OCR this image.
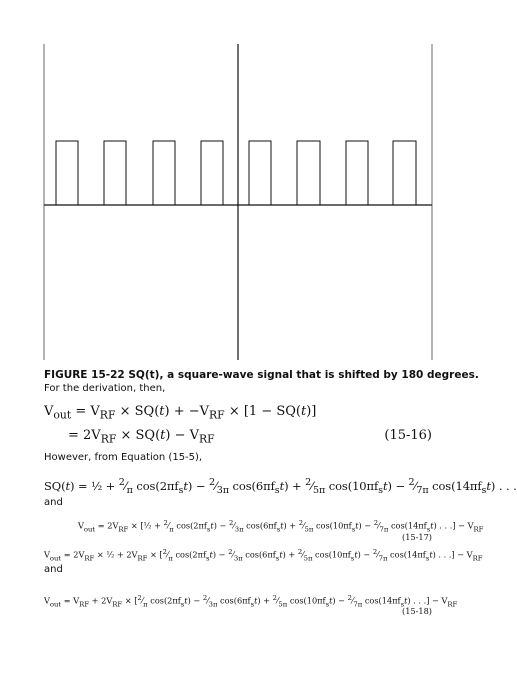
FIGURE 15-22 SQ(t), a square-wave signal that is shifted by 180 degrees.
For the derivation, then,
$V_{out} = V_{RF} \times SQ(t) + -V_{RF} \times [1 - SQ(t)]$
= $2V_{RF} \times SQ(t) - V_{RF}$	(15-16)
However, from Equation (15-5),
SQ(t) = ½ + $^2⁄_\pi$ $\cos(2\pi f_st)$ − $^2⁄_{3\pi}$ $\cos(6\pi f_st)$ + $^2⁄_{5\pi}$ $\cos(10\pi f_st)$ − $^2⁄_{7\pi}$ $\cos(14\pi f_st)$ . . .
and
$V_{out} = 2V_{RF}$ × [½ + $^2⁄_\pi$ $\cos(2\pi f_st)$ − $^2⁄_{3\pi}$ $\cos(6\pi f_st)$ + $^2⁄_{5\pi}$ $\cos(10\pi f_st)$ − $^2⁄_{7\pi}$ $\cos(14\pi f_st)$ . . .] − $V_{RF}$
(15-17)
$V_{out} = 2V_{RF}$ × ½ + $2V_{RF}$ × [$^2⁄_\pi$ $\cos(2\pi f_st)$ − $^2⁄_{3\pi}$ $\cos(6\pi f_st)$ + $^2⁄_{5\pi}$ $\cos(10\pi f_st)$ − $^2⁄_{7\pi}$ $\cos(14\pi f_st)$ . . .] − $V_{RF}$
and
$V_{out} = V_{RF} + 2V_{RF}$ × [$^2⁄_\pi$ $\cos(2\pi f_st)$ − $^2⁄_{3\pi}$ $\cos(6\pi f_st)$ + $^2⁄_{5\pi}$ $\cos(10\pi f_st)$ − $^2⁄_{7\pi}$ $\cos(14\pi f_st)$ . . .] − $V_{RF}$
(15-18)
